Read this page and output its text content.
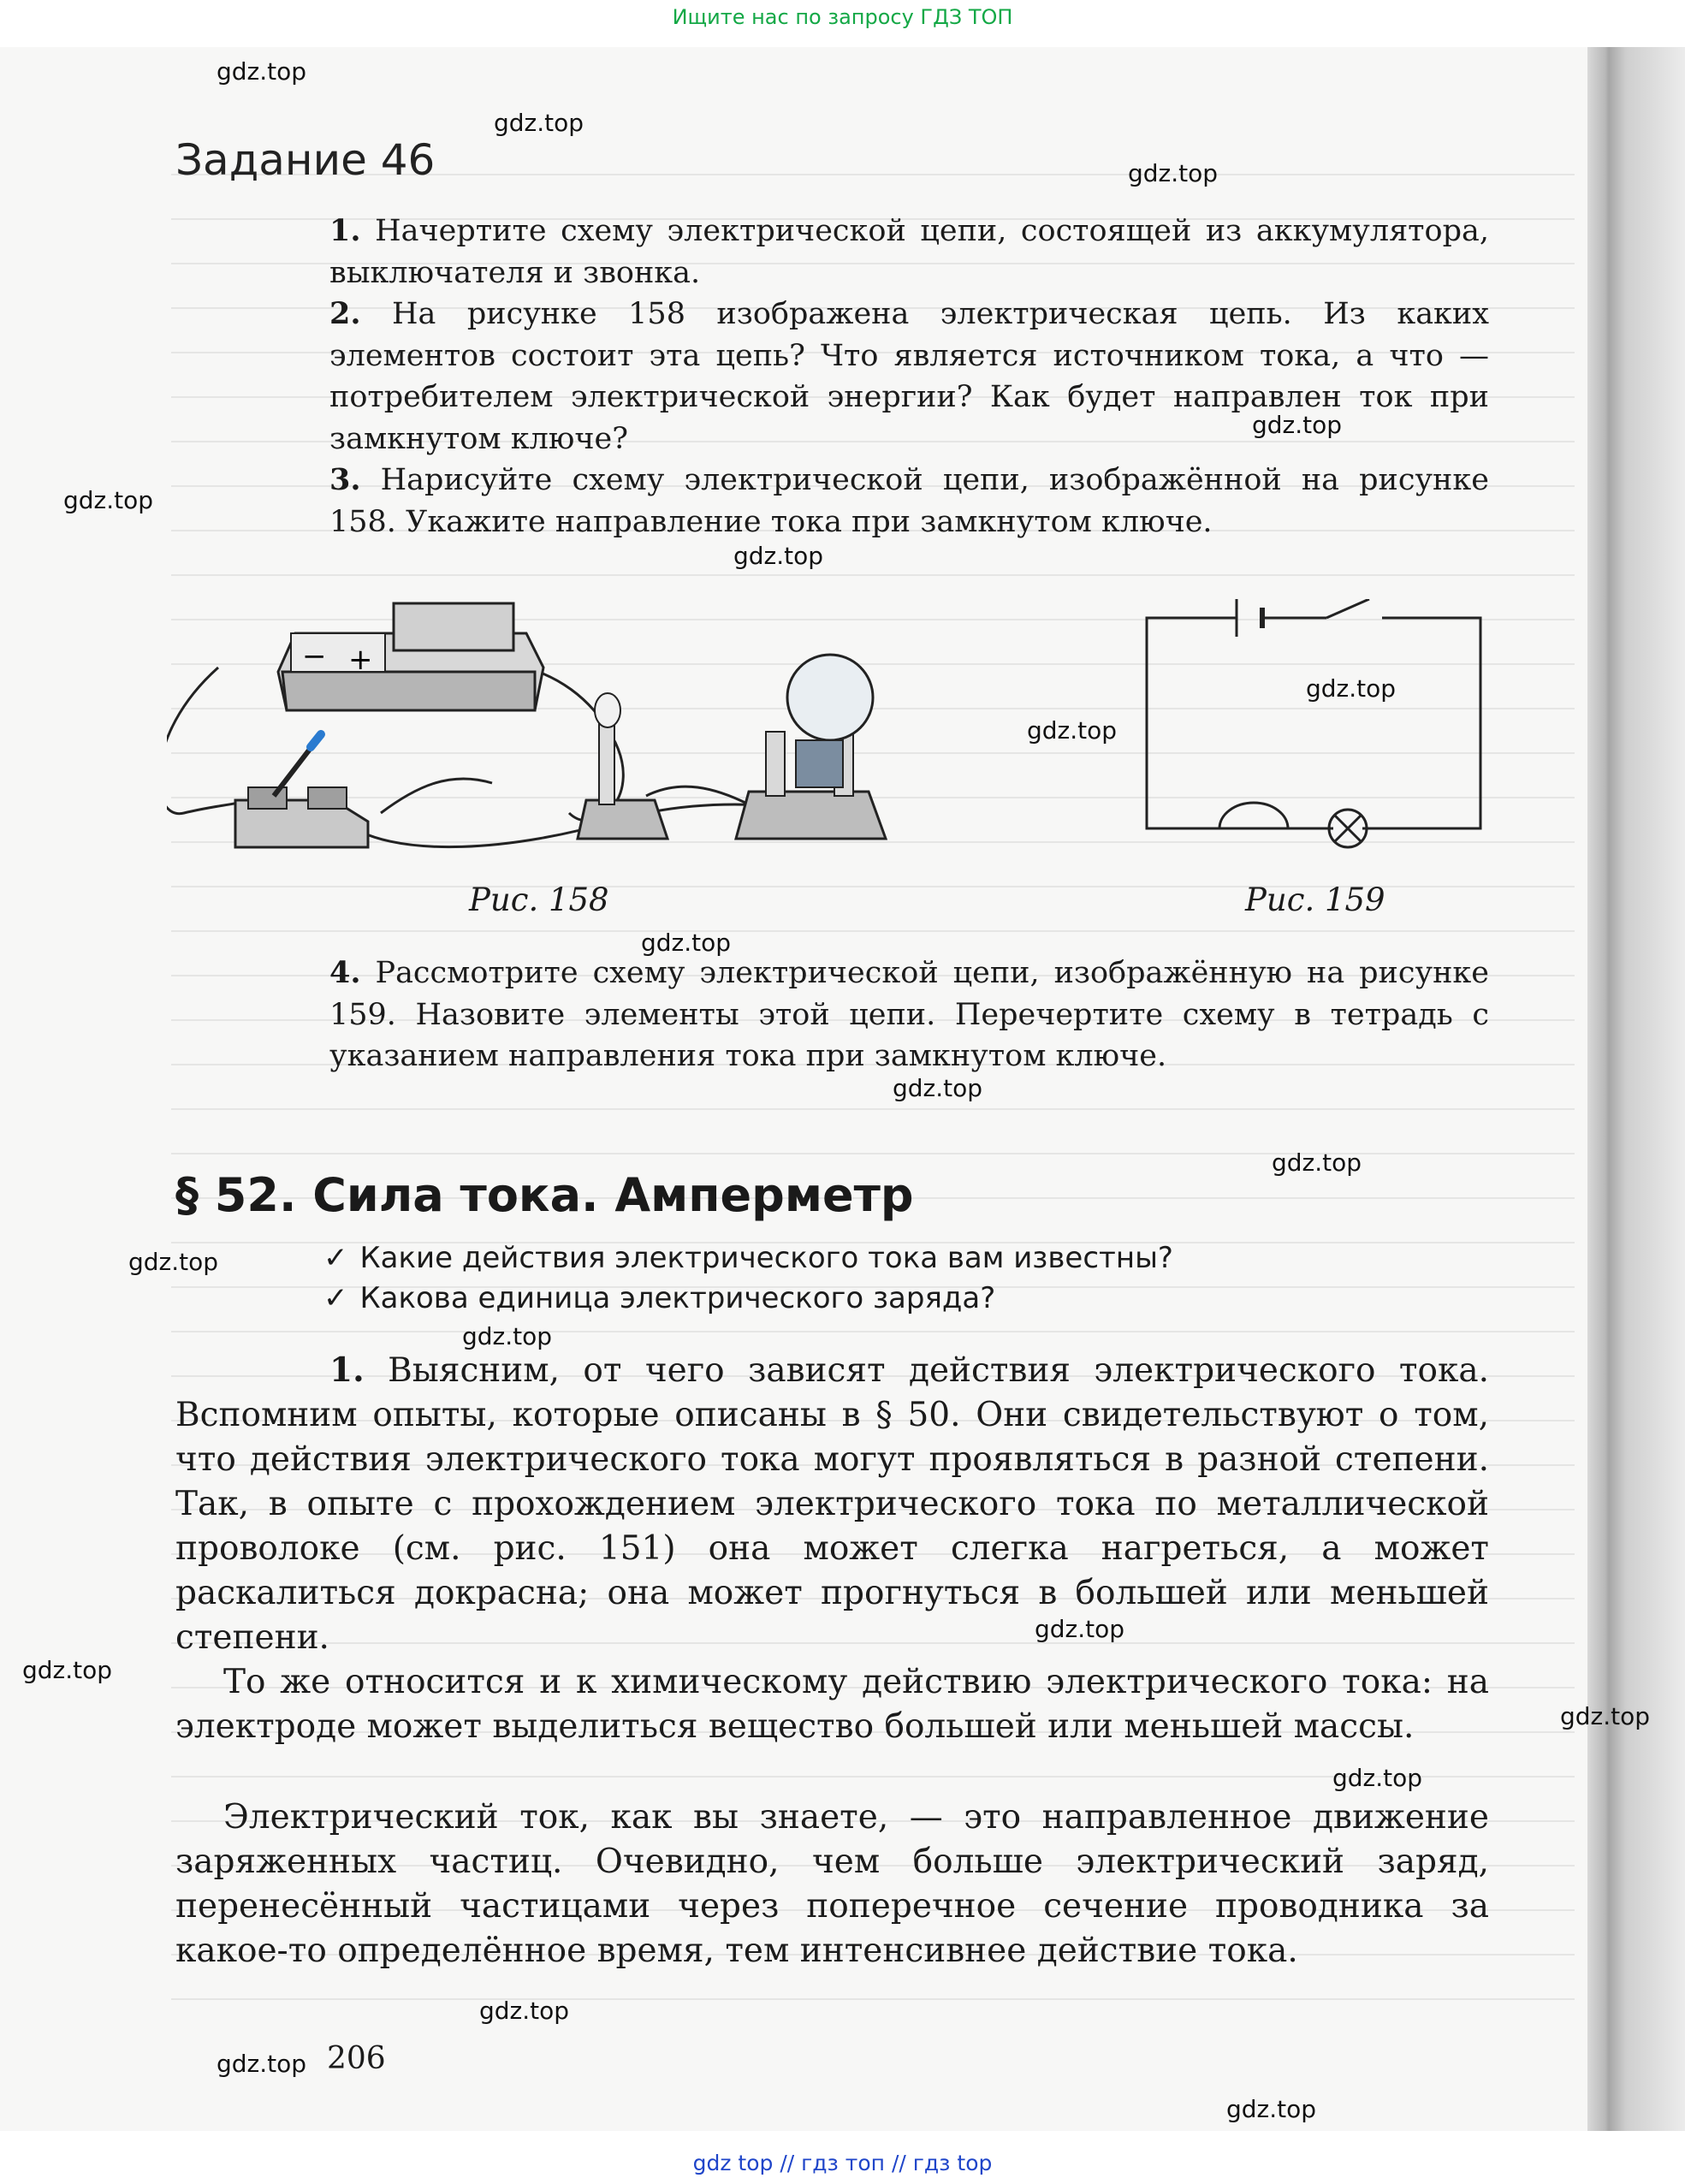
Ищите нас по запросу ГДЗ ТОП
Задание 46
1. Начертите схему электрической цепи, состоящей из аккумулятора, выключателя и звонка.
2. На рисунке 158 изображена электрическая цепь. Из каких элементов состоит эта цепь? Что является источником тока, а что — потребителем электрической энергии? Как будет направлен ток при замкнутом ключе?
3. Нарисуйте схему электрической цепи, изображённой на рисунке 158. Укажите направление тока при замкнутом ключе.
− +
Рис. 158	Рис. 159
4. Рассмотрите схему электрической цепи, изображённую на рисунке 159. Назовите элементы этой цепи. Перечертите схему в тетрадь с указанием направления тока при замкнутом ключе.
§ 52. Сила тока. Амперметр
✓ Какие действия электрического тока вам известны?
✓ Какова единица электрического заряда?
1. Выясним, от чего зависят действия электрического тока. Вспомним опыты, которые описаны в § 50. Они свидетельствуют о том, что действия электрического тока могут проявляться в разной степени. Так, в опыте с прохождением электрического тока по металлической проволоке (см. рис. 151) она может слегка нагреться, а может раскалиться докрасна; она может прогнуться в большей или меньшей степени.
То же относится и к химическому действию электрического тока: на электроде может выделиться вещество большей или меньшей массы.
Электрический ток, как вы знаете, — это направленное движение заряженных частиц. Очевидно, чем больше электрический заряд, перенесённый частицами через поперечное сечение проводника за какое-то определённое время, тем интенсивнее действие тока.
206
gdz.top
gdz.top
gdz.top
gdz.top
gdz.top
gdz.top
gdz.top
gdz.top
gdz.top
gdz.top
gdz.top
gdz.top
gdz.top
gdz.top
gdz.top
gdz.top
gdz.top
gdz.top
gdz.top
gdz.top
gdz top // гдз топ // гдз top
